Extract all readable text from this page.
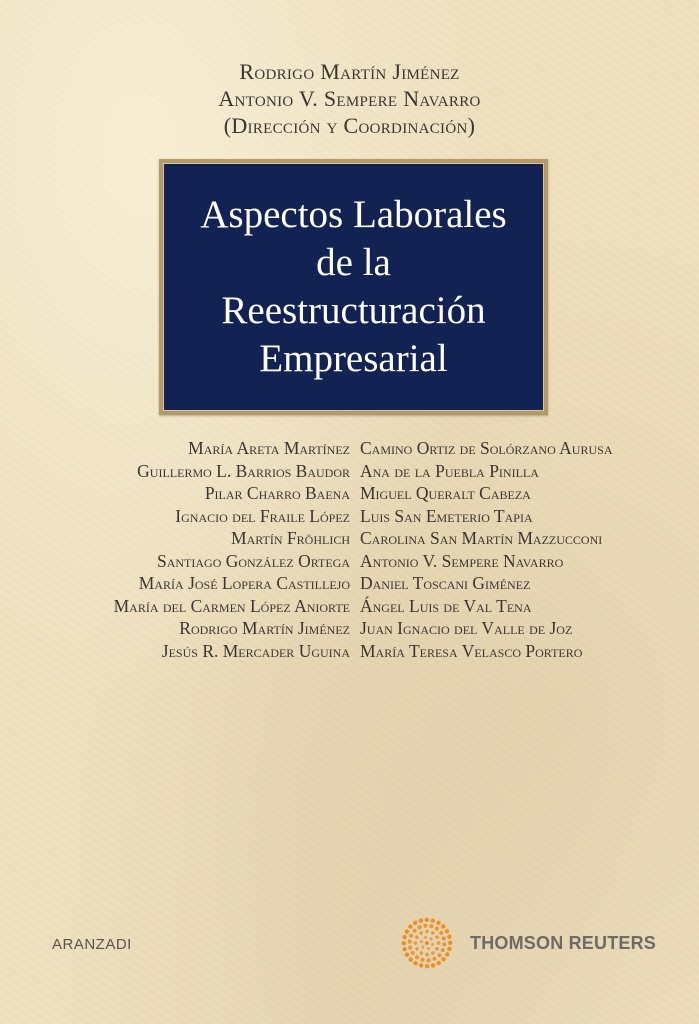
Rodrigo Martín Jiménez
Antonio V. Sempere Navarro
(Dirección y Coordinación)
Aspectos Laborales
de la
Reestructuración
Empresarial
María Areta Martínez
Guillermo L. Barrios Baudor
Pilar Charro Baena
Ignacio del Fraile López
Martín Fröhlich
Santiago González Ortega
María José Lopera Castillejo
María del Carmen López Aniorte
Rodrigo Martín Jiménez
Jesús R. Mercader Uguina
Camino Ortiz de Solórzano Aurusa
Ana de la Puebla Pinilla
Miguel Queralt Cabeza
Luis San Emeterio Tapia
Carolina San Martín Mazzucconi
Antonio V. Sempere Navarro
Daniel Toscani Giménez
Ángel Luis de Val Tena
Juan Ignacio del Valle de Joz
María Teresa Velasco Portero
ARANZADI	THOMSON REUTERS
